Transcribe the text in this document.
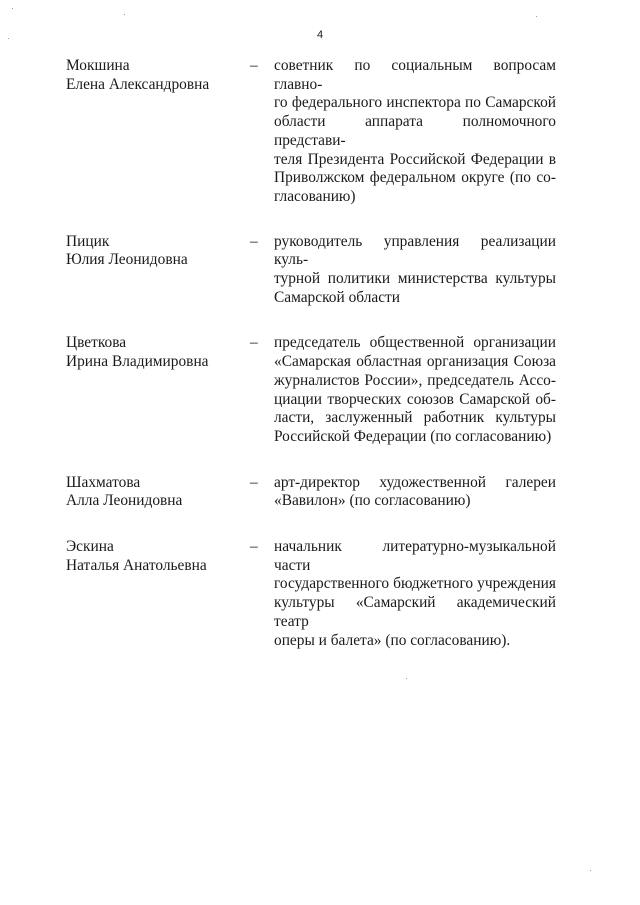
4
Мокшина
Елена Александровна
–	советник по социальным вопросам главно-
го федерального инспектора по Самарской
области аппарата полномочного представи-
теля Президента Российской Федерации в
Приволжском федеральном округе (по со-
гласованию)
Пицик
Юлия Леонидовна
–	руководитель управления реализации куль-
турной политики министерства культуры
Самарской области
Цветкова
Ирина Владимировна
–	председатель общественной организации
«Самарская областная организация Союза
журналистов России», председатель Ассо-
циации творческих союзов Самарской об-
ласти, заслуженный работник культуры
Российской Федерации (по согласованию)
Шахматова
Алла Леонидовна
–	арт-директор художественной галереи
«Вавилон» (по согласованию)
Эскина
Наталья Анатольевна
–	начальник литературно-музыкальной части
государственного бюджетного учреждения
культуры «Самарский академический театр
оперы и балета» (по согласованию).
